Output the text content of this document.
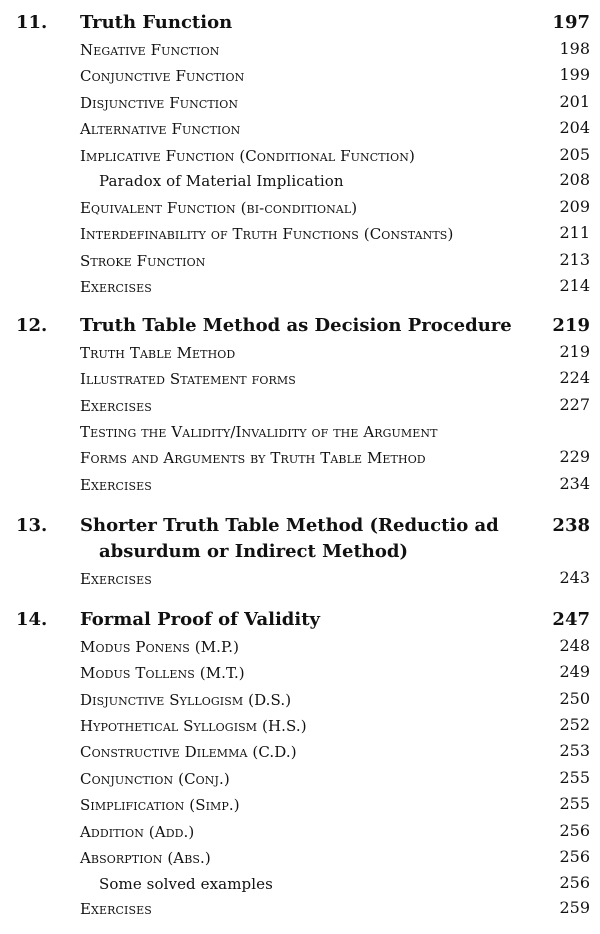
11. Truth Function	197
Negative Function	198
Conjunctive Function	199
Disjunctive Function	201
Alternative Function	204
Implicative Function (Conditional Function)	205
Paradox of Material Implication	208
Equivalent Function (bi-conditional)	209
Interdefinability of Truth Functions (Constants)	211
Stroke Function	213
Exercises	214
12. Truth Table Method as Decision Procedure 219
Truth Table Method	219
Illustrated Statement forms	224
Exercises	227
Testing the Validity/Invalidity of the Argument
Forms and Arguments by Truth Table Method	229
Exercises	234
13. Shorter Truth Table Method (Reductio ad	238
absurdum or Indirect Method)
Exercises	243
14. Formal Proof of Validity	247
Modus Ponens (M.P.)	248
Modus Tollens (M.T.)	249
Disjunctive Syllogism (D.S.)	250
Hypothetical Syllogism (H.S.)	252
Constructive Dilemma (C.D.)	253
Conjunction (Conj.)	255
Simplification (Simp.)	255
Addition (Add.)	256
Absorption (Abs.)	256
Some solved examples	256
Exercises	259
